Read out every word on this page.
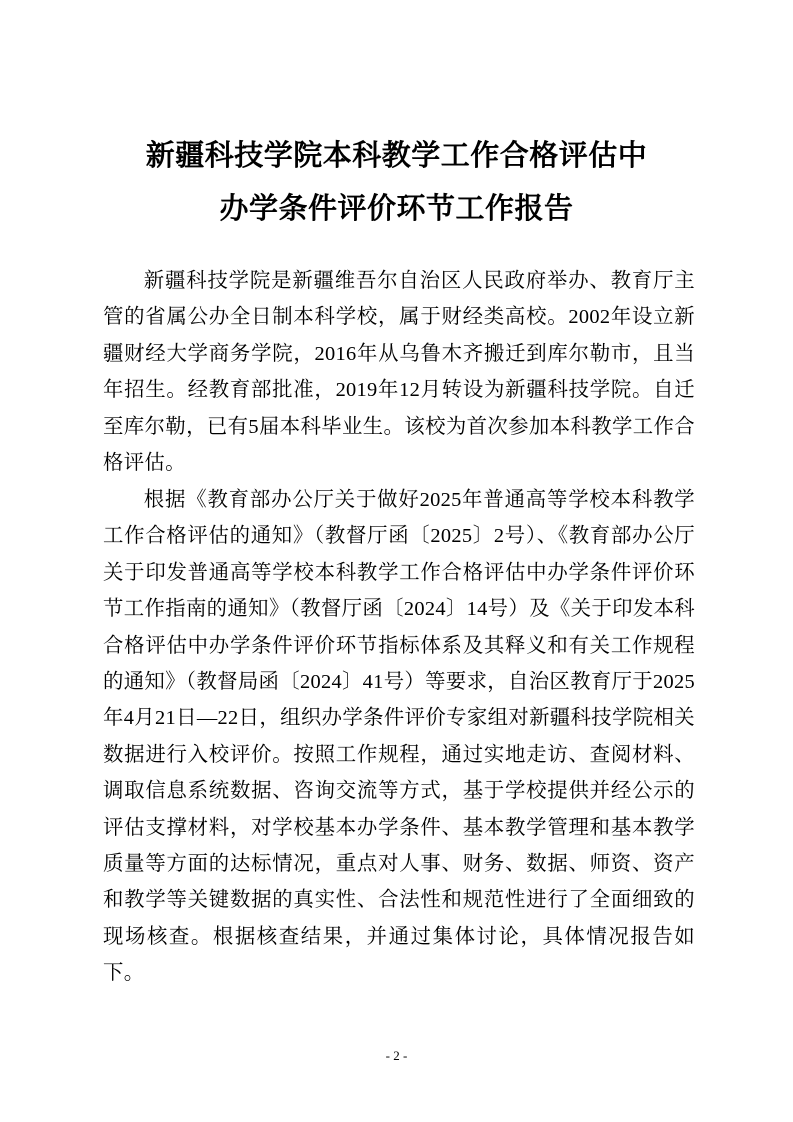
新疆科技学院本科教学工作合格评估中
办学条件评价环节工作报告

新疆科技学院是新疆维吾尔自治区人民政府举办、教育厅主管的省属公办全日制本科学校，属于财经类高校。2002年设立新疆财经大学商务学院，2016年从乌鲁木齐搬迁到库尔勒市，且当年招生。经教育部批准，2019年12月转设为新疆科技学院。自迁至库尔勒，已有5届本科毕业生。该校为首次参加本科教学工作合格评估。

根据《教育部办公厅关于做好2025年普通高等学校本科教学工作合格评估的通知》（教督厅函〔2025〕2号）、《教育部办公厅关于印发普通高等学校本科教学工作合格评估中办学条件评价环节工作指南的通知》（教督厅函〔2024〕14号）及《关于印发本科合格评估中办学条件评价环节指标体系及其释义和有关工作规程的通知》（教督局函〔2024〕41号）等要求，自治区教育厅于2025年4月21日—22日，组织办学条件评价专家组对新疆科技学院相关数据进行入校评价。按照工作规程，通过实地走访、查阅材料、调取信息系统数据、咨询交流等方式，基于学校提供并经公示的评估支撑材料，对学校基本办学条件、基本教学管理和基本教学质量等方面的达标情况，重点对人事、财务、数据、师资、资产和教学等关键数据的真实性、合法性和规范性进行了全面细致的现场核查。根据核查结果，并通过集体讨论，具体情况报告如下。

- 2 -
